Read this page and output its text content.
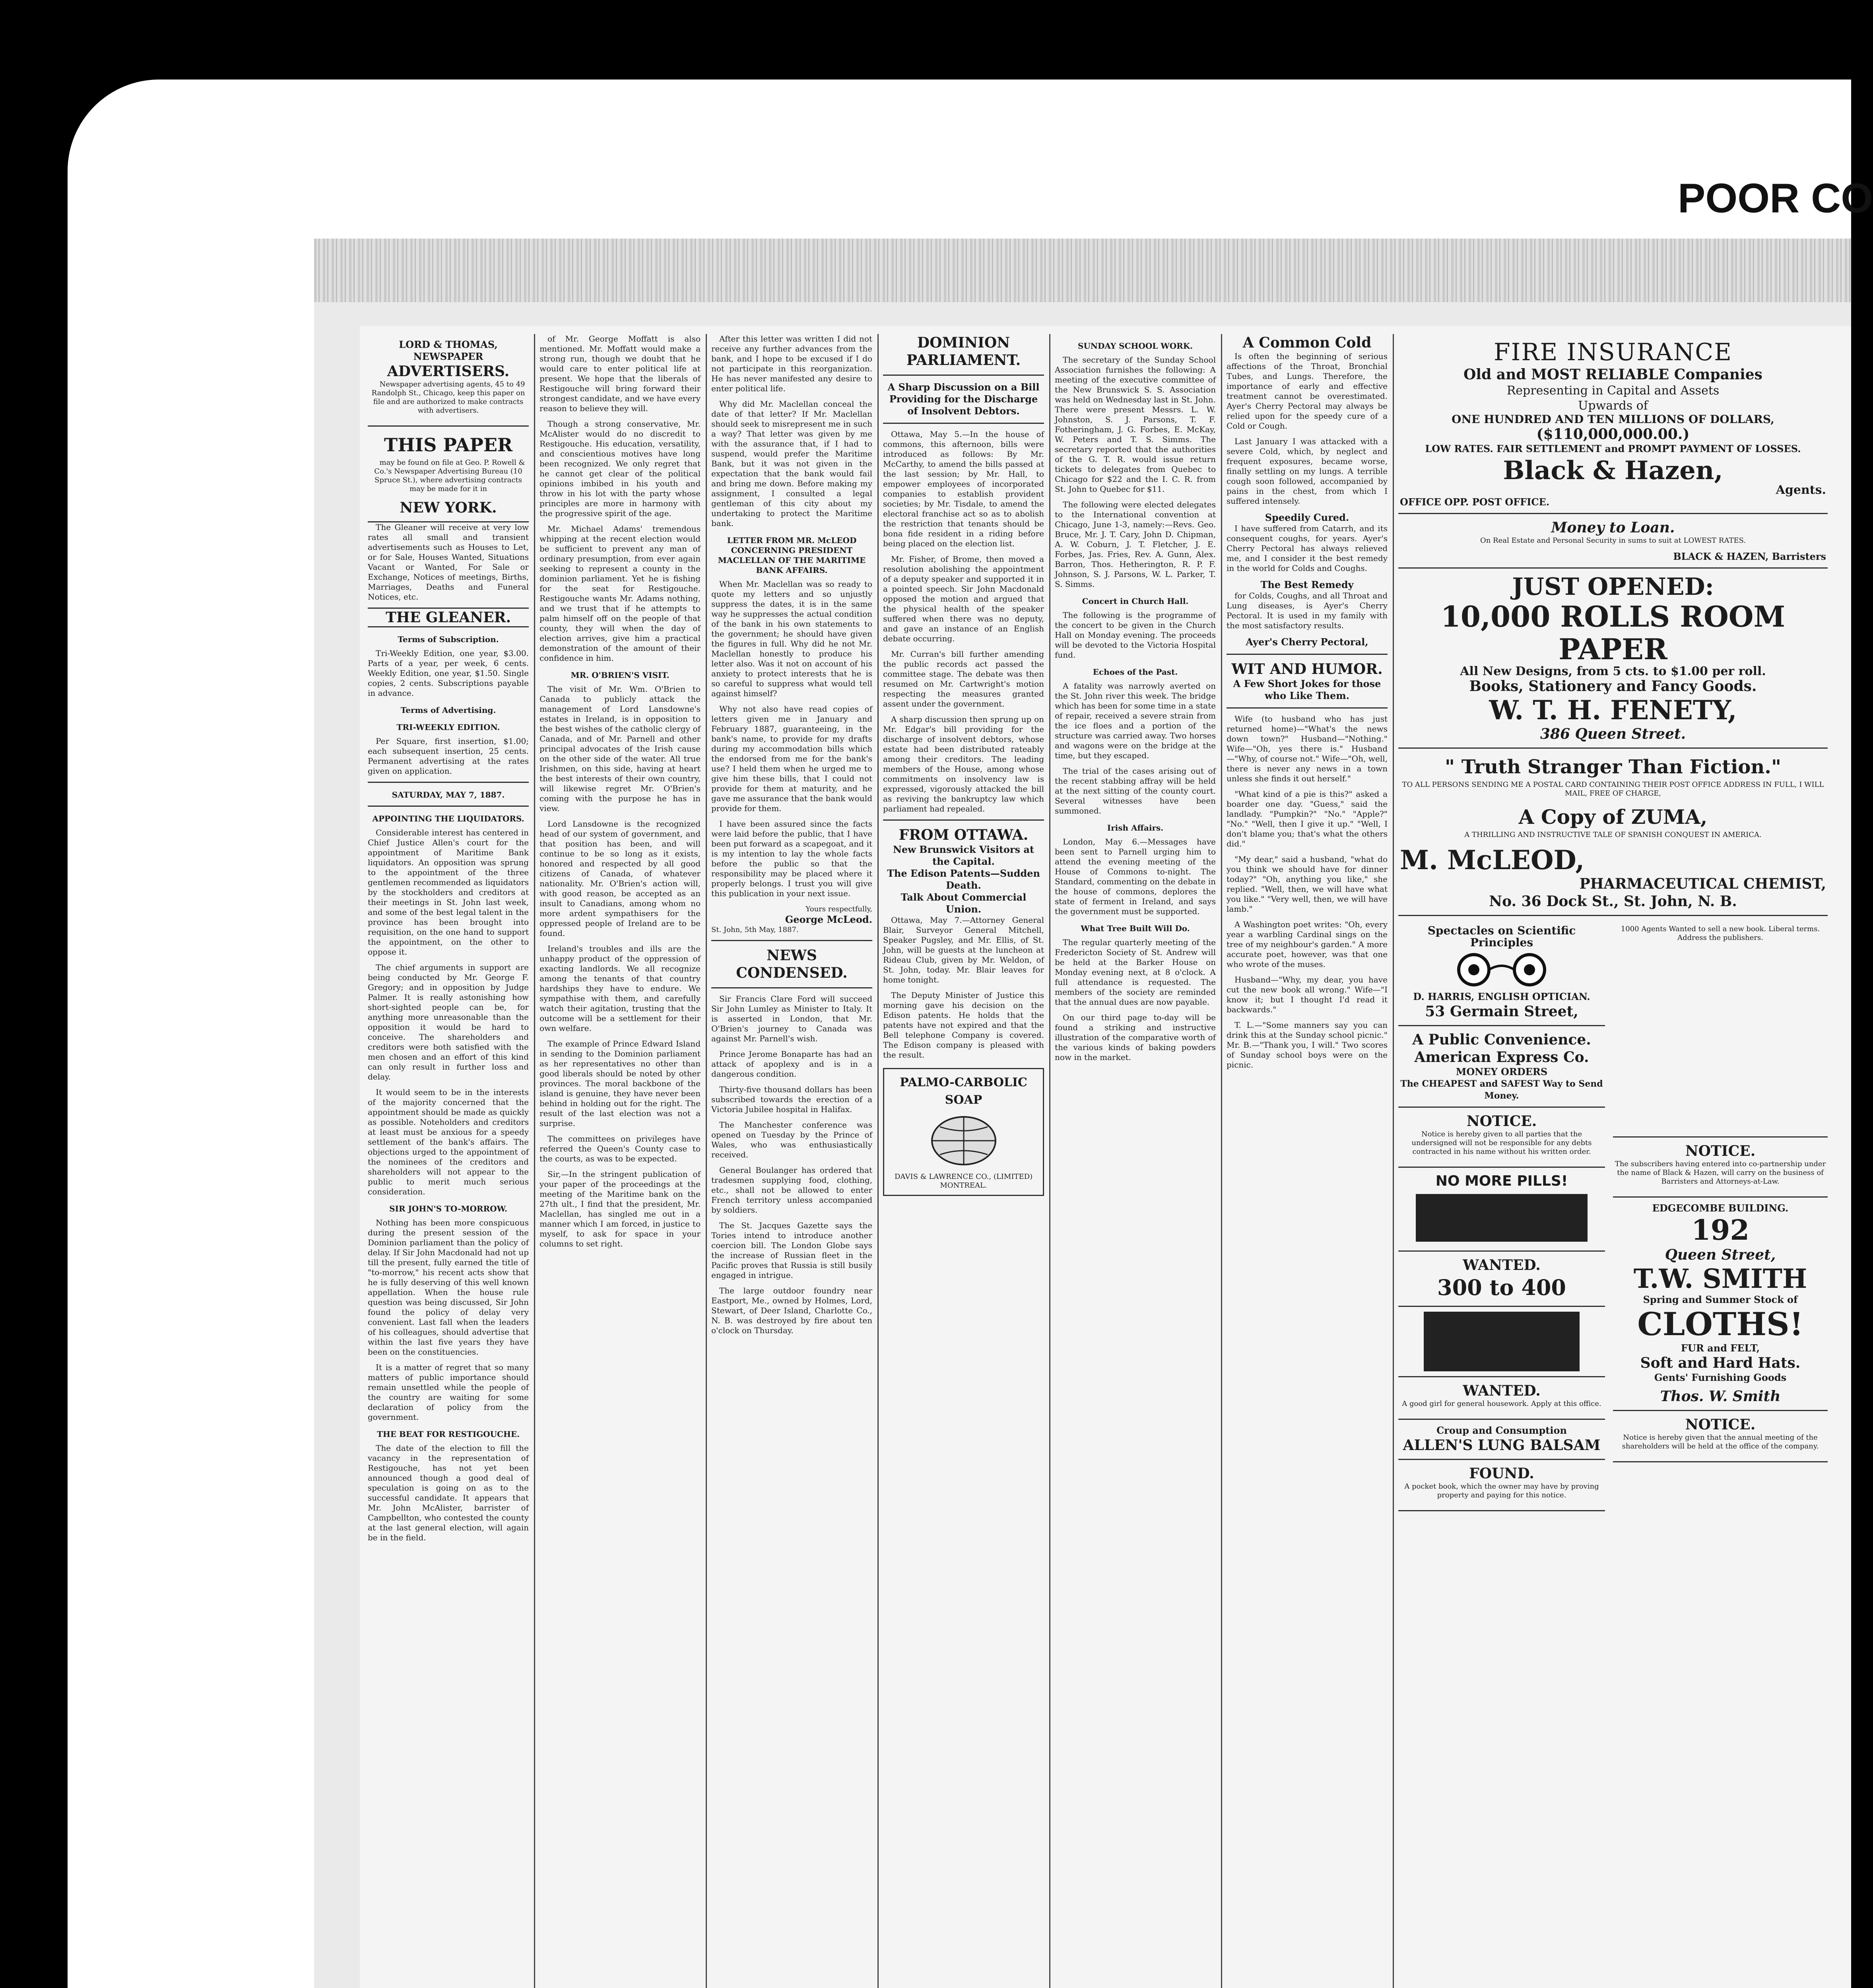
POOR CO
LORD & THOMAS, NEWSPAPER
ADVERTISERS.

Newspaper advertising agents, 45 to 49 Randolph St., Chicago, keep this paper on file and are authorized to make contracts with advertisers.

THIS PAPER

may be found on file at Geo. P. Rowell & Co.'s Newspaper Advertising Bureau (10 Spruce St.), where advertising contracts may be made for it in

NEW YORK.

The Gleaner will receive at very low rates all small and transient advertisements such as Houses to Let, or for Sale, Houses Wanted, Situations Vacant or Wanted, For Sale or Exchange, Notices of meetings, Births, Marriages, Deaths and Funeral Notices, etc.

THE GLEANER.
Terms of Subscription.

Tri-Weekly Edition, one year, $3.00. Parts of a year, per week, 6 cents. Weekly Edition, one year, $1.50. Single copies, 2 cents. Subscriptions payable in advance.

Terms of Advertising.
TRI-WEEKLY EDITION.

Per Square, first insertion, $1.00; each subsequent insertion, 25 cents. Permanent advertising at the rates given on application.

SATURDAY, MAY 7, 1887.
APPOINTING THE LIQUIDATORS.

Considerable interest has centered in Chief Justice Allen's court for the appointment of Maritime Bank liquidators. An opposition was sprung to the appointment of the three gentlemen recommended as liquidators by the stockholders and creditors at their meetings in St. John last week, and some of the best legal talent in the province has been brought into requisition, on the one hand to support the appointment, on the other to oppose it.

The chief arguments in support are being conducted by Mr. George F. Gregory; and in opposition by Judge Palmer. It is really astonishing how short-sighted people can be, for anything more unreasonable than the opposition it would be hard to conceive. The shareholders and creditors were both satisfied with the men chosen and an effort of this kind can only result in further loss and delay.

It would seem to be in the interests of the majority concerned that the appointment should be made as quickly as possible. Noteholders and creditors at least must be anxious for a speedy settlement of the bank's affairs. The objections urged to the appointment of the nominees of the creditors and shareholders will not appear to the public to merit much serious consideration.

SIR JOHN'S TO-MORROW.

Nothing has been more conspicuous during the present session of the Dominion parliament than the policy of delay. If Sir John Macdonald had not up till the present, fully earned the title of "to-morrow," his recent acts show that he is fully deserving of this well known appellation. When the house rule question was being discussed, Sir John found the policy of delay very convenient. Last fall when the leaders of his colleagues, should advertise that within the last five years they have been on the constituencies.

It is a matter of regret that so many matters of public importance should remain unsettled while the people of the country are waiting for some declaration of policy from the government.

THE BEAT FOR RESTIGOUCHE.

The date of the election to fill the vacancy in the representation of Restigouche, has not yet been announced though a good deal of speculation is going on as to the successful candidate. It appears that Mr. John McAlister, barrister of Campbellton, who contested the county at the last general election, will again be in the field.

of Mr. George Moffatt is also mentioned. Mr. Moffatt would make a strong run, though we doubt that he would care to enter political life at present. We hope that the liberals of Restigouche will bring forward their strongest candidate, and we have every reason to believe they will.

Though a strong conservative, Mr. McAlister would do no discredit to Restigouche. His education, versatility, and conscientious motives have long been recognized. We only regret that he cannot get clear of the political opinions imbibed in his youth and throw in his lot with the party whose principles are more in harmony with the progressive spirit of the age.

Mr. Michael Adams' tremendous whipping at the recent election would be sufficient to prevent any man of ordinary presumption, from ever again seeking to represent a county in the dominion parliament. Yet he is fishing for the seat for Restigouche. Restigouche wants Mr. Adams nothing, and we trust that if he attempts to palm himself off on the people of that county, they will when the day of election arrives, give him a practical demonstration of the amount of their confidence in him.

MR. O'BRIEN'S VISIT.

The visit of Mr. Wm. O'Brien to Canada to publicly attack the management of Lord Lansdowne's estates in Ireland, is in opposition to the best wishes of the catholic clergy of Canada, and of Mr. Parnell and other principal advocates of the Irish cause on the other side of the water. All true Irishmen, on this side, having at heart the best interests of their own country, will likewise regret Mr. O'Brien's coming with the purpose he has in view.

Lord Lansdowne is the recognized head of our system of government, and that position has been, and will continue to be so long as it exists, honored and respected by all good citizens of Canada, of whatever nationality. Mr. O'Brien's action will, with good reason, be accepted as an insult to Canadians, among whom no more ardent sympathisers for the oppressed people of Ireland are to be found.

Ireland's troubles and ills are the unhappy product of the oppression of exacting landlords. We all recognize among the tenants of that country hardships they have to endure. We sympathise with them, and carefully watch their agitation, trusting that the outcome will be a settlement for their own welfare.

The example of Prince Edward Island in sending to the Dominion parliament as her representatives no other than good liberals should be noted by other provinces. The moral backbone of the island is genuine, they have never been behind in holding out for the right. The result of the last election was not a surprise.

The committees on privileges have referred the Queen's County case to the courts, as was to be expected.

Sir,—In the stringent publication of your paper of the proceedings at the meeting of the Maritime bank on the 27th ult., I find that the president, Mr. Maclellan, has singled me out in a manner which I am forced, in justice to myself, to ask for space in your columns to set right.

After this letter was written I did not receive any further advances from the bank, and I hope to be excused if I do not participate in this reorganization. He has never manifested any desire to enter political life.

Why did Mr. Maclellan conceal the date of that letter? If Mr. Maclellan should seek to misrepresent me in such a way? That letter was given by me with the assurance that, if I had to suspend, would prefer the Maritime Bank, but it was not given in the expectation that the bank would fail and bring me down. Before making my assignment, I consulted a legal gentleman of this city about my undertaking to protect the Maritime bank.

LETTER FROM MR. McLEOD CONCERNING PRESIDENT MACLELLAN OF THE MARITIME BANK AFFAIRS.

When Mr. Maclellan was so ready to quote my letters and so unjustly suppress the dates, it is in the same way he suppresses the actual condition of the bank in his own statements to the government; he should have given the figures in full. Why did he not Mr. Maclellan honestly to produce his letter also. Was it not on account of his anxiety to protect interests that he is so careful to suppress what would tell against himself?

Why not also have read copies of letters given me in January and February 1887, guaranteeing, in the bank's name, to provide for my drafts during my accommodation bills which the endorsed from me for the bank's use? I held them when he urged me to give him these bills, that I could not provide for them at maturity, and he gave me assurance that the bank would provide for them.

I have been assured since the facts were laid before the public, that I have been put forward as a scapegoat, and it is my intention to lay the whole facts before the public so that the responsibility may be placed where it properly belongs. I trust you will give this publication in your next issue.

Yours respectfully,
George McLeod.
St. John, 5th May, 1887.
NEWS CONDENSED.

Sir Francis Clare Ford will succeed Sir John Lumley as Minister to Italy. It is asserted in London, that Mr. O'Brien's journey to Canada was against Mr. Parnell's wish.

Prince Jerome Bonaparte has had an attack of apoplexy and is in a dangerous condition.

Thirty-five thousand dollars has been subscribed towards the erection of a Victoria Jubilee hospital in Halifax.

The Manchester conference was opened on Tuesday by the Prince of Wales, who was enthusiastically received.

General Boulanger has ordered that tradesmen supplying food, clothing, etc., shall not be allowed to enter French territory unless accompanied by soldiers.

The St. Jacques Gazette says the Tories intend to introduce another coercion bill. The London Globe says the increase of Russian fleet in the Pacific proves that Russia is still busily engaged in intrigue.

The large outdoor foundry near Eastport, Me., owned by Holmes, Lord, Stewart, of Deer Island, Charlotte Co., N. B. was destroyed by fire about ten o'clock on Thursday.

DOMINION PARLIAMENT.
A Sharp Discussion on a Bill Providing for the Discharge of Insolvent Debtors.

Ottawa, May 5.—In the house of commons, this afternoon, bills were introduced as follows: By Mr. McCarthy, to amend the bills passed at the last session; by Mr. Hall, to empower employees of incorporated companies to establish provident societies; by Mr. Tisdale, to amend the electoral franchise act so as to abolish the restriction that tenants should be bona fide resident in a riding before being placed on the election list.

Mr. Fisher, of Brome, then moved a resolution abolishing the appointment of a deputy speaker and supported it in a pointed speech. Sir John Macdonald opposed the motion and argued that the physical health of the speaker suffered when there was no deputy, and gave an instance of an English debate occurring.

Mr. Curran's bill further amending the public records act passed the committee stage. The debate was then resumed on Mr. Cartwright's motion respecting the measures granted assent under the government.

A sharp discussion then sprung up on Mr. Edgar's bill providing for the discharge of insolvent debtors, whose estate had been distributed rateably among their creditors. The leading members of the House, among whose commitments on insolvency law is expressed, vigorously attacked the bill as reviving the bankruptcy law which parliament had repealed.

FROM OTTAWA.
New Brunswick Visitors at the Capital.
The Edison Patents—Sudden Death.
Talk About Commercial Union.

Ottawa, May 7.—Attorney General Blair, Surveyor General Mitchell, Speaker Pugsley, and Mr. Ellis, of St. John, will be guests at the luncheon at Rideau Club, given by Mr. Weldon, of St. John, today. Mr. Blair leaves for home tonight.

The Deputy Minister of Justice this morning gave his decision on the Edison patents. He holds that the patents have not expired and that the Bell telephone Company is covered. The Edison company is pleased with the result.

PALMO-CARBOLIC SOAP
DAVIS & LAWRENCE CO., (LIMITED) MONTREAL.
SUNDAY SCHOOL WORK.

The secretary of the Sunday School Association furnishes the following: A meeting of the executive committee of the New Brunswick S. S. Association was held on Wednesday last in St. John. There were present Messrs. L. W. Johnston, S. J. Parsons, T. F. Fotheringham, J. G. Forbes, E. McKay, W. Peters and T. S. Simms. The secretary reported that the authorities of the G. T. R. would issue return tickets to delegates from Quebec to Chicago for $22 and the I. C. R. from St. John to Quebec for $11.

The following were elected delegates to the International convention at Chicago, June 1-3, namely:—Revs. Geo. Bruce, Mr. J. T. Cary, John D. Chipman, A. W. Coburn, J. T. Fletcher, J. E. Forbes, Jas. Fries, Rev. A. Gunn, Alex. Barron, Thos. Hetherington, R. P. F. Johnson, S. J. Parsons, W. L. Parker, T. S. Simms.

Concert in Church Hall.

The following is the programme of the concert to be given in the Church Hall on Monday evening. The proceeds will be devoted to the Victoria Hospital fund.

Echoes of the Past.

A fatality was narrowly averted on the St. John river this week. The bridge which has been for some time in a state of repair, received a severe strain from the ice floes and a portion of the structure was carried away. Two horses and wagons were on the bridge at the time, but they escaped.

The trial of the cases arising out of the recent stabbing affray will be held at the next sitting of the county court. Several witnesses have been summoned.

Irish Affairs.

London, May 6.—Messages have been sent to Parnell urging him to attend the evening meeting of the House of Commons to-night. The Standard, commenting on the debate in the house of commons, deplores the state of ferment in Ireland, and says the government must be supported.

What Tree Built Will Do.

The regular quarterly meeting of the Fredericton Society of St. Andrew will be held at the Barker House on Monday evening next, at 8 o'clock. A full attendance is requested. The members of the society are reminded that the annual dues are now payable.

On our third page to-day will be found a striking and instructive illustration of the comparative worth of the various kinds of baking powders now in the market.

A Common Cold

Is often the beginning of serious affections of the Throat, Bronchial Tubes, and Lungs. Therefore, the importance of early and effective treatment cannot be overestimated. Ayer's Cherry Pectoral may always be relied upon for the speedy cure of a Cold or Cough.

Last January I was attacked with a severe Cold, which, by neglect and frequent exposures, became worse, finally settling on my lungs. A terrible cough soon followed, accompanied by pains in the chest, from which I suffered intensely.

Speedily Cured.

I have suffered from Catarrh, and its consequent coughs, for years. Ayer's Cherry Pectoral has always relieved me, and I consider it the best remedy in the world for Colds and Coughs.

The Best Remedy

for Colds, Coughs, and all Throat and Lung diseases, is Ayer's Cherry Pectoral. It is used in my family with the most satisfactory results.

Ayer's Cherry Pectoral,
WIT AND HUMOR.
A Few Short Jokes for those who Like Them.

Wife (to husband who has just returned home)—"What's the news down town?" Husband—"Nothing." Wife—"Oh, yes there is." Husband—"Why, of course not." Wife—"Oh, well, there is never any news in a town unless she finds it out herself."

"What kind of a pie is this?" asked a boarder one day. "Guess," said the landlady. "Pumpkin?" "No." "Apple?" "No." "Well, then I give it up." "Well, I don't blame you; that's what the others did."

"My dear," said a husband, "what do you think we should have for dinner today?" "Oh, anything you like," she replied. "Well, then, we will have what you like." "Very well, then, we will have lamb."

A Washington poet writes: "Oh, every year a warbling Cardinal sings on the tree of my neighbour's garden." A more accurate poet, however, was that one who wrote of the muses.

Husband—"Why, my dear, you have cut the new book all wrong." Wife—"I know it; but I thought I'd read it backwards."

T. L.—"Some manners say you can drink this at the Sunday school picnic." Mr. B.—"Thank you, I will." Two scores of Sunday school boys were on the picnic.

FIRE INSURANCE
Old and MOST RELIABLE Companies
Representing in Capital and Assets
Upwards of
ONE HUNDRED AND TEN MILLIONS OF DOLLARS,
($110,000,000.00.)
LOW RATES. FAIR SETTLEMENT and PROMPT PAYMENT OF LOSSES.
Black & Hazen,
Agents.
OFFICE OPP. POST OFFICE.
Money to Loan.

On Real Estate and Personal Security in sums to suit at LOWEST RATES.

BLACK & HAZEN, Barristers
JUST OPENED:
10,000 ROLLS ROOM PAPER
All New Designs, from 5 cts. to $1.00 per roll.
Books, Stationery and Fancy Goods.
W. T. H. FENETY,
386 Queen Street.
" Truth Stranger Than Fiction."

TO ALL PERSONS SENDING ME A POSTAL CARD CONTAINING THEIR POST OFFICE ADDRESS IN FULL, I WILL MAIL, FREE OF CHARGE,

A Copy of ZUMA,

A THRILLING AND INSTRUCTIVE TALE OF SPANISH CONQUEST IN AMERICA.

M. McLEOD,
PHARMACEUTICAL CHEMIST,
No. 36 Dock St., St. John, N. B.
Spectacles on Scientific Principles
D. HARRIS, ENGLISH OPTICIAN.
53 Germain Street,
A Public Convenience.
American Express Co.
MONEY ORDERS
The CHEAPEST and SAFEST Way to Send Money.
NOTICE.

Notice is hereby given to all parties that the undersigned will not be responsible for any debts contracted in his name without his written order.

NO MORE PILLS!
WANTED.
300 to 400
WANTED.

A good girl for general housework. Apply at this office.

Croup and Consumption
ALLEN'S LUNG BALSAM
FOUND.

A pocket book, which the owner may have by proving property and paying for this notice.

1000 Agents Wanted to sell a new book. Liberal terms. Address the publishers.

NOTICE.

The subscribers having entered into co-partnership under the name of Black & Hazen, will carry on the business of Barristers and Attorneys-at-Law.

EDGECOMBE BUILDING.
192
Queen Street,
T.W. SMITH
Spring and Summer Stock of
CLOTHS!
FUR and FELT,
Soft and Hard Hats.
Gents' Furnishing Goods
Thos. W. Smith
NOTICE.

Notice is hereby given that the annual meeting of the shareholders will be held at the office of the company.
